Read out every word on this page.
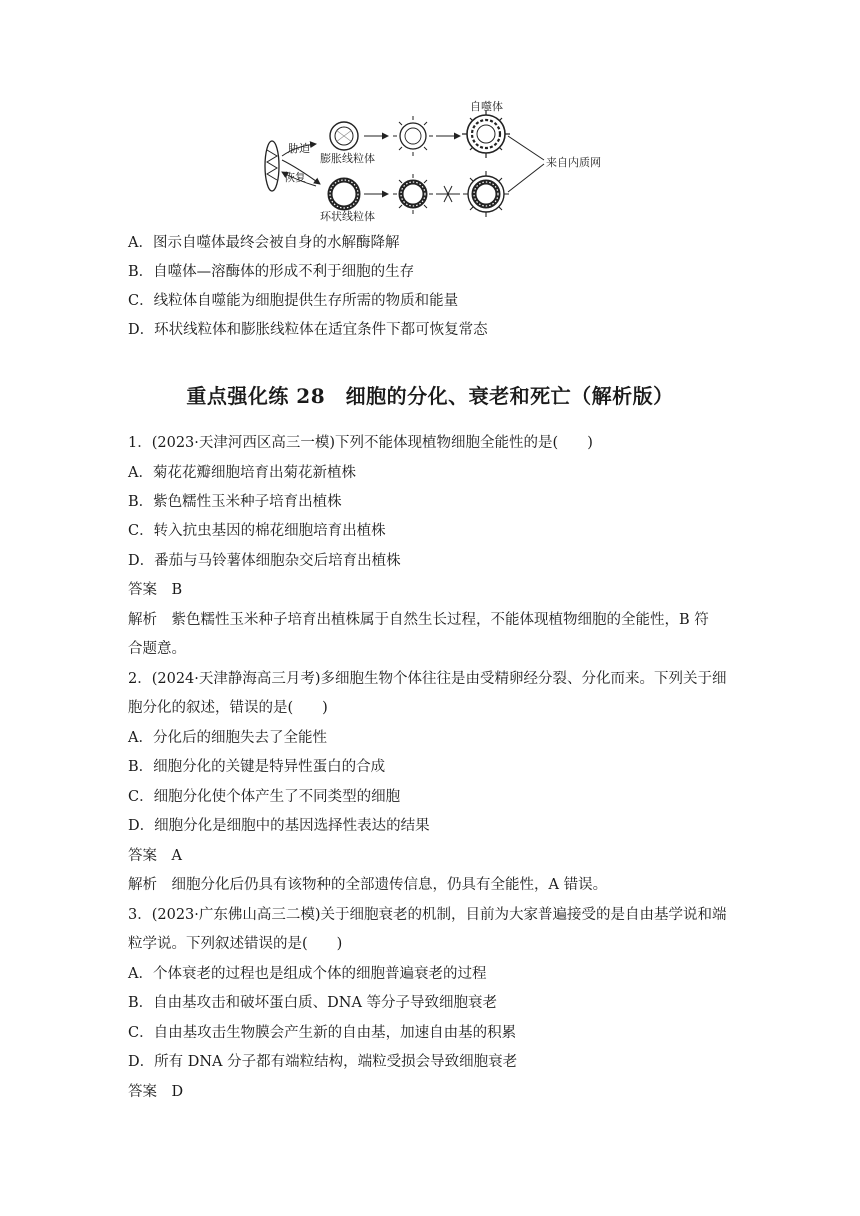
胁迫
恢复
膨胀线粒体
自噬体
环状线粒体
来自内质网
A．图示自噬体最终会被自身的水解酶降解
B．自噬体—溶酶体的形成不利于细胞的生存
C．线粒体自噬能为细胞提供生存所需的物质和能量
D．环状线粒体和膨胀线粒体在适宜条件下都可恢复常态
重点强化练 28　细胞的分化、衰老和死亡（解析版）
1．(2023·天津河西区高三一模)下列不能体现植物细胞全能性的是(　　)
A．菊花花瓣细胞培育出菊花新植株
B．紫色糯性玉米种子培育出植株
C．转入抗虫基因的棉花细胞培育出植株
D．番茄与马铃薯体细胞杂交后培育出植株
答案　B
解析　紫色糯性玉米种子培育出植株属于自然生长过程，不能体现植物细胞的全能性，B 符
合题意。
2．(2024·天津静海高三月考)多细胞生物个体往往是由受精卵经分裂、分化而来。下列关于细
胞分化的叙述，错误的是(　　)
A．分化后的细胞失去了全能性
B．细胞分化的关键是特异性蛋白的合成
C．细胞分化使个体产生了不同类型的细胞
D．细胞分化是细胞中的基因选择性表达的结果
答案　A
解析　细胞分化后仍具有该物种的全部遗传信息，仍具有全能性，A 错误。
3．(2023·广东佛山高三二模)关于细胞衰老的机制，目前为大家普遍接受的是自由基学说和端
粒学说。下列叙述错误的是(　　)
A．个体衰老的过程也是组成个体的细胞普遍衰老的过程
B．自由基攻击和破坏蛋白质、DNA 等分子导致细胞衰老
C．自由基攻击生物膜会产生新的自由基，加速自由基的积累
D．所有 DNA 分子都有端粒结构，端粒受损会导致细胞衰老
答案　D
